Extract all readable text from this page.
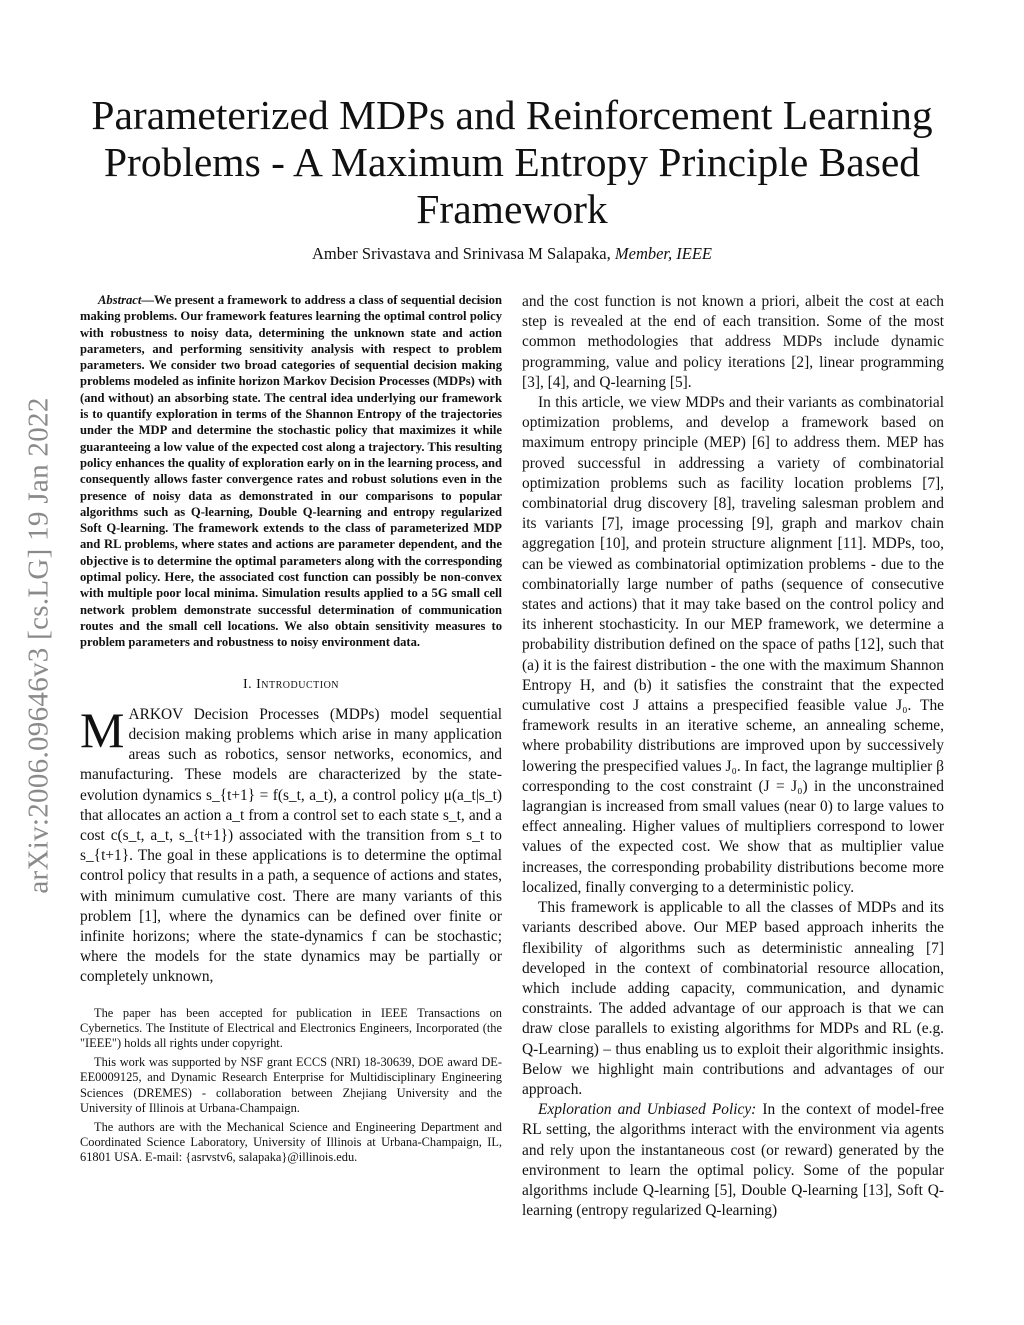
arXiv:2006.09646v3 [cs.LG] 19 Jan 2022
Parameterized MDPs and Reinforcement Learning Problems - A Maximum Entropy Principle Based Framework
Amber Srivastava and Srinivasa M Salapaka, Member, IEEE

Abstract—We present a framework to address a class of sequential decision making problems. Our framework features learning the optimal control policy with robustness to noisy data, determining the unknown state and action parameters, and performing sensitivity analysis with respect to problem parameters. We consider two broad categories of sequential decision making problems modeled as infinite horizon Markov Decision Processes (MDPs) with (and without) an absorbing state. The central idea underlying our framework is to quantify exploration in terms of the Shannon Entropy of the trajectories under the MDP and determine the stochastic policy that maximizes it while guaranteeing a low value of the expected cost along a trajectory. This resulting policy enhances the quality of exploration early on in the learning process, and consequently allows faster convergence rates and robust solutions even in the presence of noisy data as demonstrated in our comparisons to popular algorithms such as Q-learning, Double Q-learning and entropy regularized Soft Q-learning. The framework extends to the class of parameterized MDP and RL problems, where states and actions are parameter dependent, and the objective is to determine the optimal parameters along with the corresponding optimal policy. Here, the associated cost function can possibly be non-convex with multiple poor local minima. Simulation results applied to a 5G small cell network problem demonstrate successful determination of communication routes and the small cell locations. We also obtain sensitivity measures to problem parameters and robustness to noisy environment data.

I. Introduction

MARKOV Decision Processes (MDPs) model sequential decision making problems which arise in many application areas such as robotics, sensor networks, economics, and manufacturing. These models are characterized by the state-evolution dynamics s_{t+1} = f(s_t, a_t), a control policy μ(a_t|s_t) that allocates an action a_t from a control set to each state s_t, and a cost c(s_t, a_t, s_{t+1}) associated with the transition from s_t to s_{t+1}. The goal in these applications is to determine the optimal control policy that results in a path, a sequence of actions and states, with minimum cumulative cost. There are many variants of this problem [1], where the dynamics can be defined over finite or infinite horizons; where the state-dynamics f can be stochastic; where the models for the state dynamics may be partially or completely unknown,

The paper has been accepted for publication in IEEE Transactions on Cybernetics. The Institute of Electrical and Electronics Engineers, Incorporated (the "IEEE") holds all rights under copyright.

This work was supported by NSF grant ECCS (NRI) 18-30639, DOE award DE-EE0009125, and Dynamic Research Enterprise for Multidisciplinary Engineering Sciences (DREMES) - collaboration between Zhejiang University and the University of Illinois at Urbana-Champaign.

The authors are with the Mechanical Science and Engineering Department and Coordinated Science Laboratory, University of Illinois at Urbana-Champaign, IL, 61801 USA. E-mail: {asrvstv6, salapaka}@illinois.edu.

and the cost function is not known a priori, albeit the cost at each step is revealed at the end of each transition. Some of the most common methodologies that address MDPs include dynamic programming, value and policy iterations [2], linear programming [3], [4], and Q-learning [5].

In this article, we view MDPs and their variants as combinatorial optimization problems, and develop a framework based on maximum entropy principle (MEP) [6] to address them. MEP has proved successful in addressing a variety of combinatorial optimization problems such as facility location problems [7], combinatorial drug discovery [8], traveling salesman problem and its variants [7], image processing [9], graph and markov chain aggregation [10], and protein structure alignment [11]. MDPs, too, can be viewed as combinatorial optimization problems - due to the combinatorially large number of paths (sequence of consecutive states and actions) that it may take based on the control policy and its inherent stochasticity. In our MEP framework, we determine a probability distribution defined on the space of paths [12], such that (a) it is the fairest distribution - the one with the maximum Shannon Entropy H, and (b) it satisfies the constraint that the expected cumulative cost J attains a prespecified feasible value J₀. The framework results in an iterative scheme, an annealing scheme, where probability distributions are improved upon by successively lowering the prespecified values J₀. In fact, the lagrange multiplier β corresponding to the cost constraint (J = J₀) in the unconstrained lagrangian is increased from small values (near 0) to large values to effect annealing. Higher values of multipliers correspond to lower values of the expected cost. We show that as multiplier value increases, the corresponding probability distributions become more localized, finally converging to a deterministic policy.

This framework is applicable to all the classes of MDPs and its variants described above. Our MEP based approach inherits the flexibility of algorithms such as deterministic annealing [7] developed in the context of combinatorial resource allocation, which include adding capacity, communication, and dynamic constraints. The added advantage of our approach is that we can draw close parallels to existing algorithms for MDPs and RL (e.g. Q-Learning) – thus enabling us to exploit their algorithmic insights. Below we highlight main contributions and advantages of our approach.

Exploration and Unbiased Policy: In the context of model-free RL setting, the algorithms interact with the environment via agents and rely upon the instantaneous cost (or reward) generated by the environment to learn the optimal policy. Some of the popular algorithms include Q-learning [5], Double Q-learning [13], Soft Q-learning (entropy regularized Q-learning)
